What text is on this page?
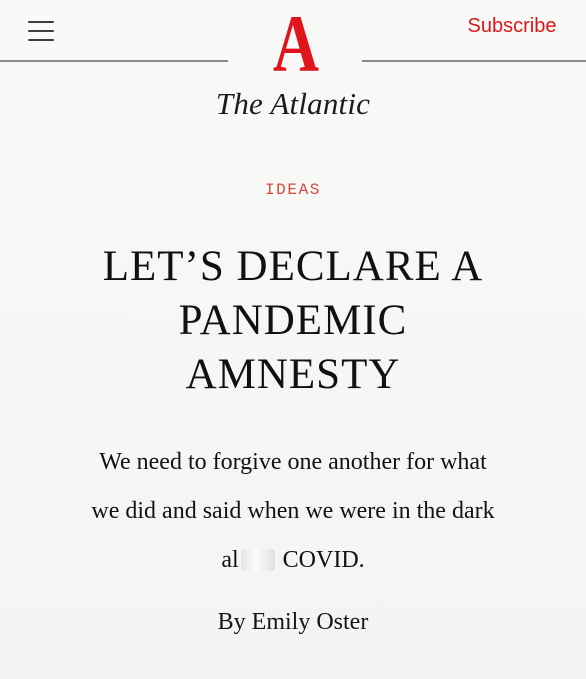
A
The Atlantic
Subscribe
IDEAS
LET’S DECLARE A
PANDEMIC
AMNESTY
We need to forgive one another for what
we did and said when we were in the dark
al COVID.
By Emily Oster
